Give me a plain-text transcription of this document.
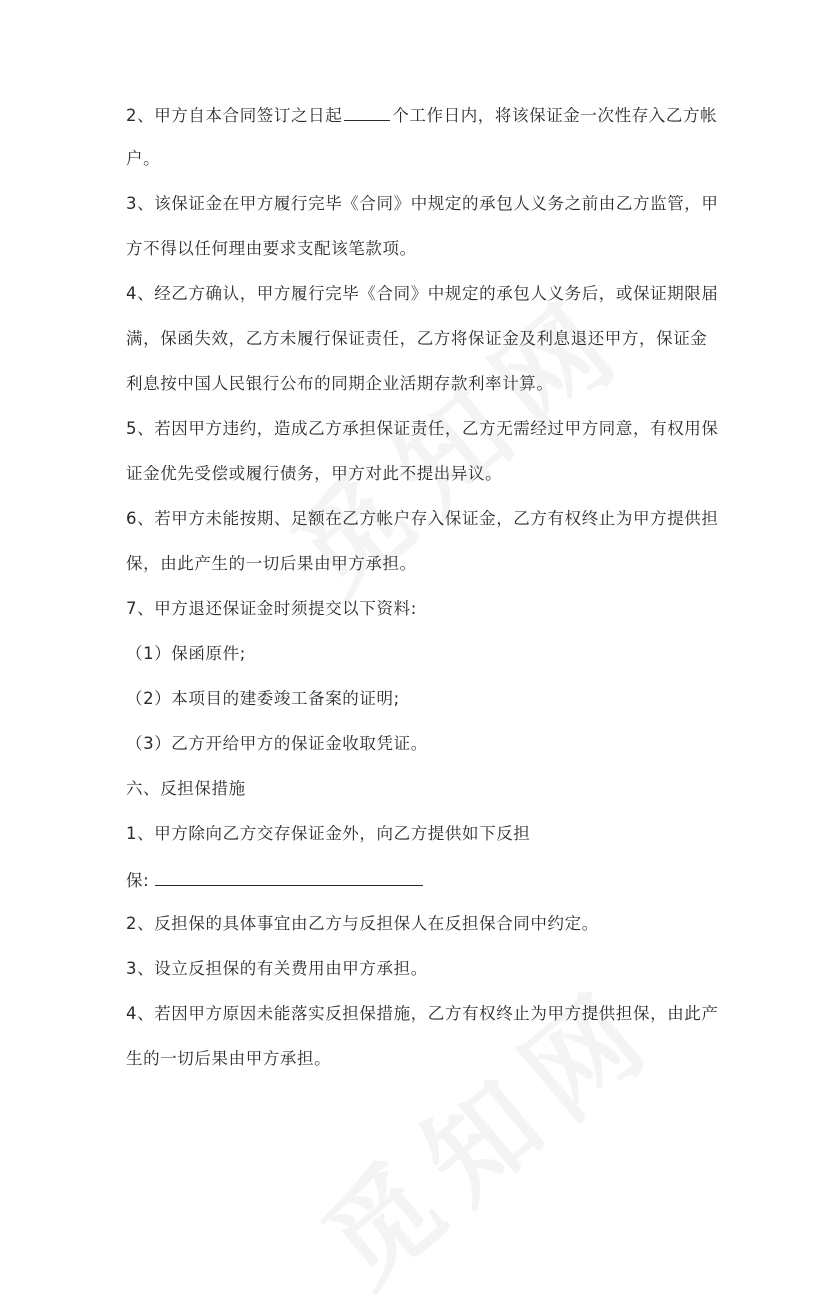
2、甲方自本合同签订之日起	个工作日内，将该保证金一次性存入乙方帐
户。
3、该保证金在甲方履行完毕《合同》中规定的承包人义务之前由乙方监管，甲
方不得以任何理由要求支配该笔款项。
4、经乙方确认，甲方履行完毕《合同》中规定的承包人义务后，或保证期限届
满，保函失效，乙方未履行保证责任，乙方将保证金及利息退还甲方，保证金
利息按中国人民银行公布的同期企业活期存款利率计算。
5、若因甲方违约，造成乙方承担保证责任，乙方无需经过甲方同意，有权用保
证金优先受偿或履行债务，甲方对此不提出异议。
6、若甲方未能按期、足额在乙方帐户存入保证金，乙方有权终止为甲方提供担
保，由此产生的一切后果由甲方承担。
7、甲方退还保证金时须提交以下资料:
（1）保函原件;
（2）本项目的建委竣工备案的证明;
（3）乙方开给甲方的保证金收取凭证。
六、反担保措施
1、甲方除向乙方交存保证金外，向乙方提供如下反担
保:
2、反担保的具体事宜由乙方与反担保人在反担保合同中约定。
3、设立反担保的有关费用由甲方承担。
4、若因甲方原因未能落实反担保措施，乙方有权终止为甲方提供担保，由此产
生的一切后果由甲方承担。
